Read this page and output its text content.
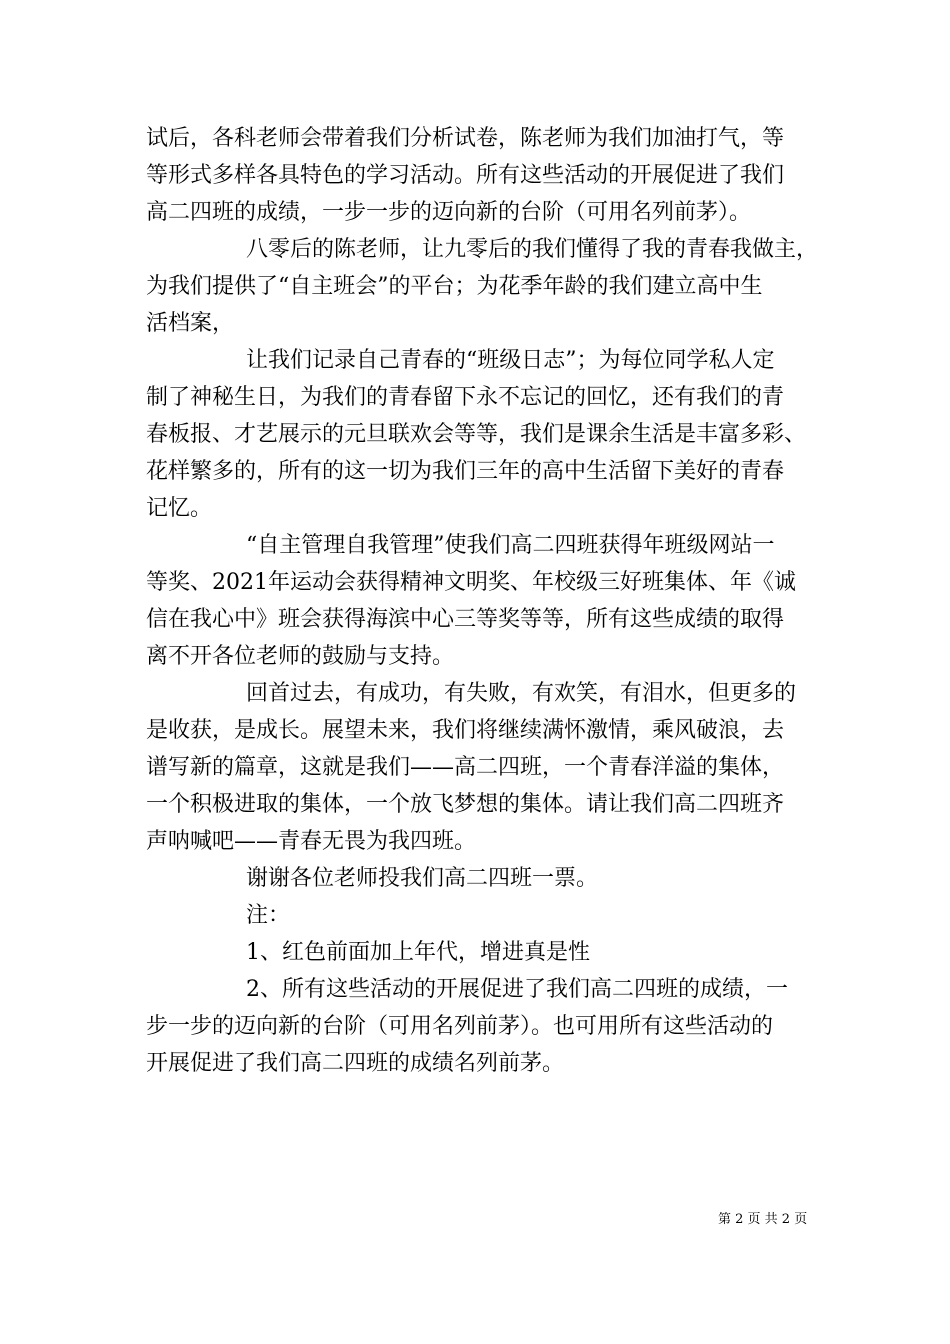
试后，各科老师会带着我们分析试卷，陈老师为我们加油打气，等
等形式多样各具特色的学习活动。所有这些活动的开展促进了我们
高二四班的成绩，一步一步的迈向新的台阶（可用名列前茅）。
八零后的陈老师，让九零后的我们懂得了我的青春我做主，
为我们提供了“自主班会”的平台；为花季年龄的我们建立高中生
活档案，
让我们记录自己青春的“班级日志”；为每位同学私人定
制了神秘生日，为我们的青春留下永不忘记的回忆，还有我们的青
春板报、才艺展示的元旦联欢会等等，我们是课余生活是丰富多彩、
花样繁多的，所有的这一切为我们三年的高中生活留下美好的青春
记忆。
“自主管理自我管理”使我们高二四班获得年班级网站一
等奖、2021年运动会获得精神文明奖、年校级三好班集体、年《诚
信在我心中》班会获得海滨中心三等奖等等，所有这些成绩的取得
离不开各位老师的鼓励与支持。
回首过去，有成功，有失败，有欢笑，有泪水，但更多的
是收获，是成长。展望未来，我们将继续满怀激情，乘风破浪，去
谱写新的篇章，这就是我们——高二四班，一个青春洋溢的集体，
一个积极进取的集体，一个放飞梦想的集体。请让我们高二四班齐
声呐喊吧——青春无畏为我四班。
谢谢各位老师投我们高二四班一票。
注：
1、红色前面加上年代，增进真是性
2、所有这些活动的开展促进了我们高二四班的成绩，一
步一步的迈向新的台阶（可用名列前茅）。也可用所有这些活动的
开展促进了我们高二四班的成绩名列前茅。
第 2 页 共 2 页
